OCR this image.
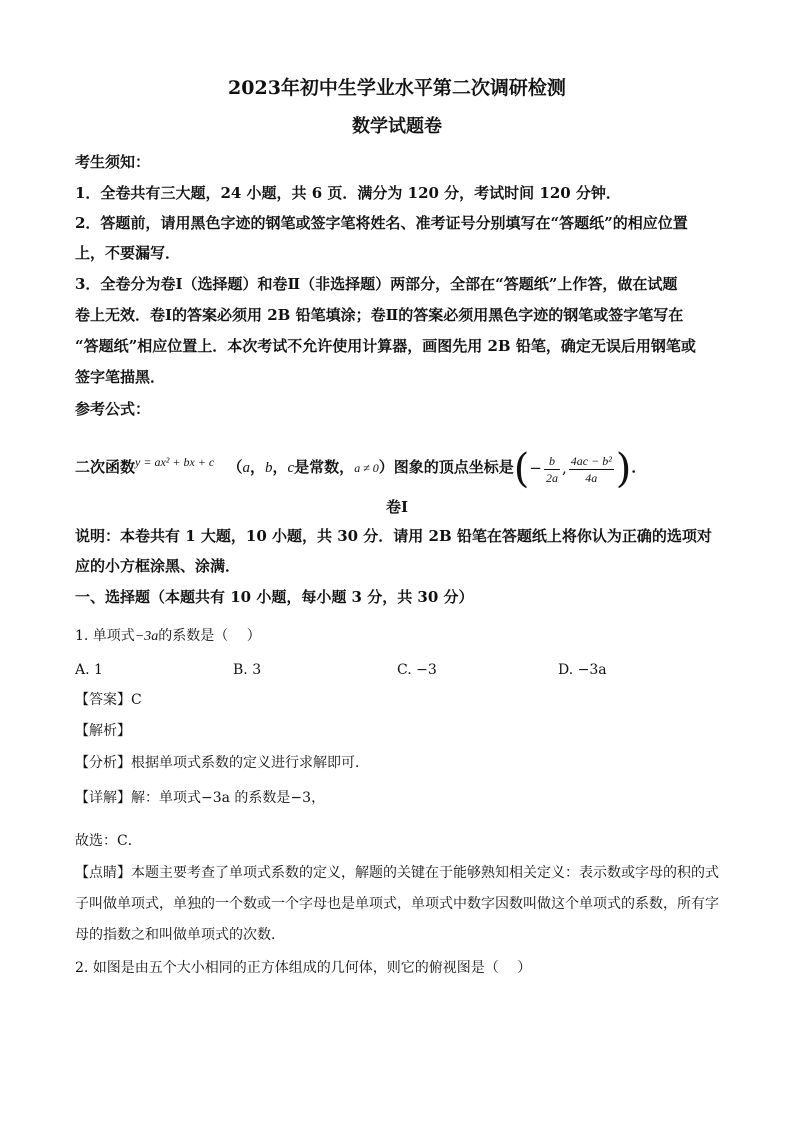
2023年初中生学业水平第二次调研检测
数学试题卷
考生须知：
1．全卷共有三大题，24 小题，共 6 页．满分为 120 分，考试时间 120 分钟．
2．答题前，请用黑色字迹的钢笔或签字笔将姓名、准考证号分别填写在“答题纸”的相应位置
上，不要漏写．
3．全卷分为卷Ⅰ（选择题）和卷Ⅱ（非选择题）两部分，全部在“答题纸”上作答，做在试题
卷上无效．卷Ⅰ的答案必须用 2B 铅笔填涂；卷Ⅱ的答案必须用黑色字迹的钢笔或签字笔写在
“答题纸”相应位置上．本次考试不允许使用计算器，画图先用 2B 铅笔，确定无误后用钢笔或
签字笔描黑．
参考公式：
二次函数$^{y = ax^2 + bx + c}$ （a，b，c是常数，a ≠ 0）图象的顶点坐标是(− $\frac{b}{2a}$ , $\frac{\text{4ac − b²}}{4a}$ )．
卷Ⅰ
说明：本卷共有 1 大题，10 小题，共 30 分．请用 2B 铅笔在答题纸上将你认为正确的选项对
应的小方框涂黑、涂满．
一、选择题（本题共有 10 小题，每小题 3 分，共 30 分）
1. 单项式−3a的系数是（　 ）
A. 1	B. 3	C. −3	D. −3a
【答案】C
【解析】
【分析】根据单项式系数的定义进行求解即可．
【详解】解：单项式−3a 的系数是−3，
故选：C．
【点睛】本题主要考查了单项式系数的定义，解题的关键在于能够熟知相关定义：表示数或字母的积的式
子叫做单项式，单独的一个数或一个字母也是单项式，单项式中数字因数叫做这个单项式的系数，所有字
母的指数之和叫做单项式的次数．
2. 如图是由五个大小相同的正方体组成的几何体，则它的俯视图是（　 ）
